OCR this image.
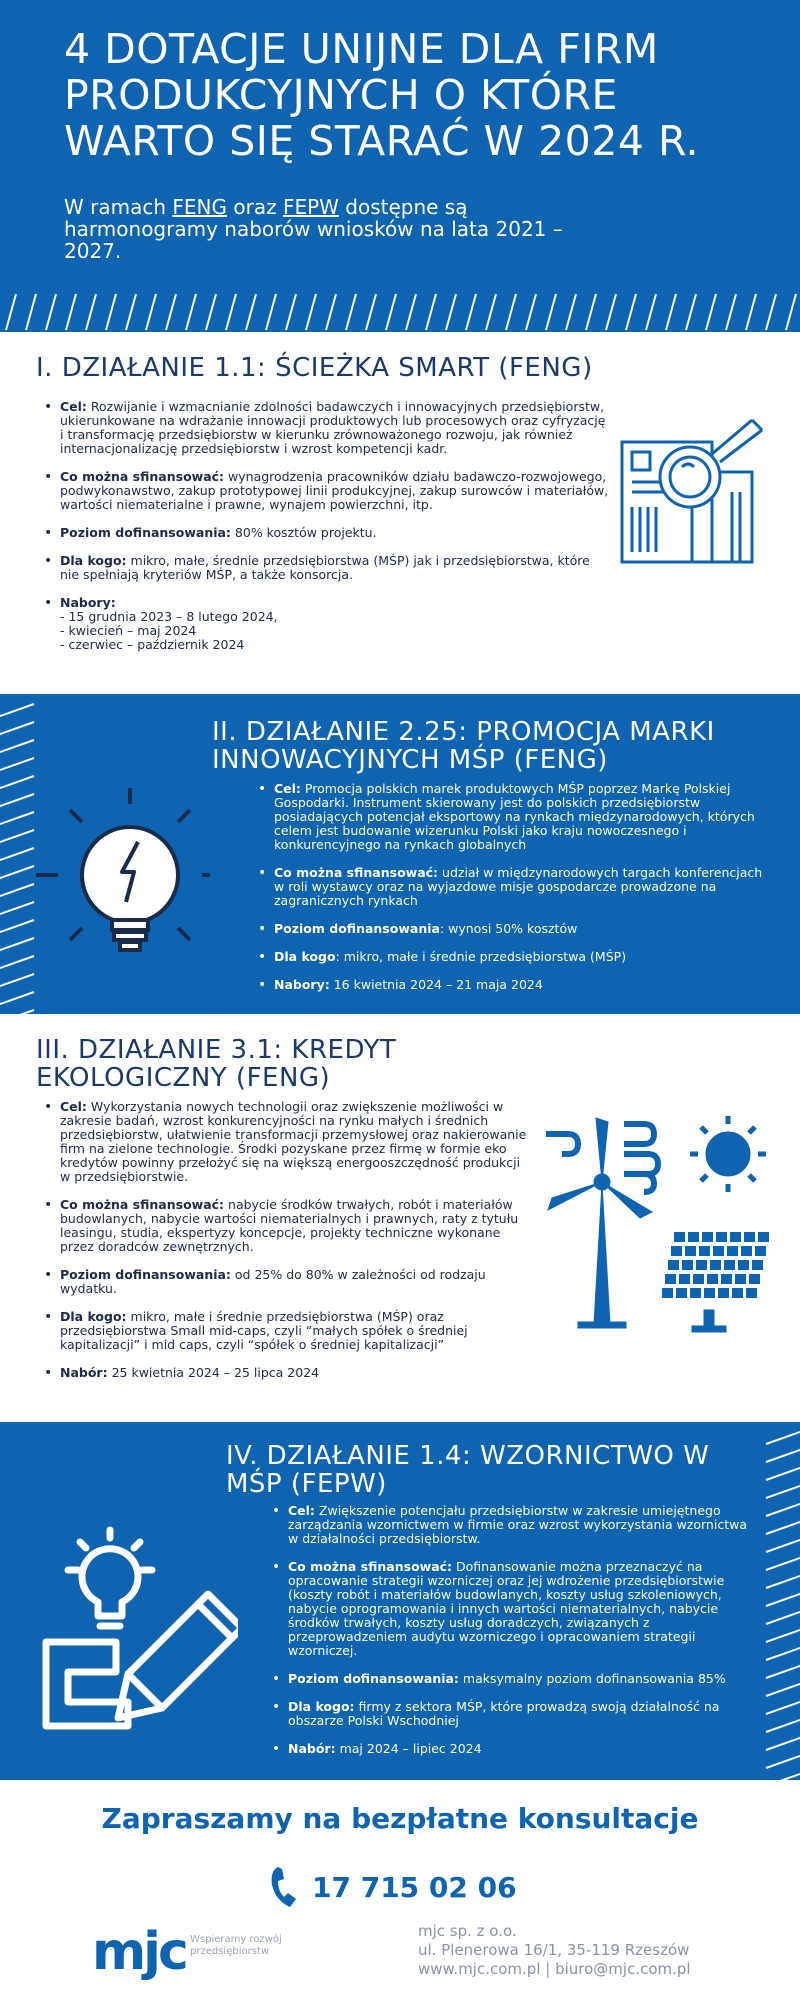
4 DOTACJE UNIJNE DLA FIRM PRODUKCYJNYCH O KTÓRE WARTO SIĘ STARAĆ W 2024 R.

W ramach FENG oraz FEPW dostępne są harmonogramy naborów wniosków na lata 2021 – 2027.

I. DZIAŁANIE 1.1: ŚCIEŻKA SMART (FENG)
• Cel: Rozwijanie i wzmacnianie zdolności badawczych i innowacyjnych przedsiębiorstw, ukierunkowane na wdrażanie innowacji produktowych lub procesowych oraz cyfryzację i transformację przedsiębiorstw w kierunku zrównoważonego rozwoju, jak również internacjonalizację przedsiębiorstw i wzrost kompetencji kadr.
• Co można sfinansować: wynagrodzenia pracowników działu badawczo-rozwojowego, podwykonawstwo, zakup prototypowej linii produkcyjnej, zakup surowców i materiałów, wartości niematerialne i prawne, wynajem powierzchni, itp.
• Poziom dofinansowania: 80% kosztów projektu.
• Dla kogo: mikro, małe, średnie przedsiębiorstwa (MŚP) jak i przedsiębiorstwa, które nie spełniają kryteriów MŚP, a także konsorcja.
• Nabory:
- 15 grudnia 2023 – 8 lutego 2024,
- kwiecień – maj 2024
- czerwiec – październik 2024
II. DZIAŁANIE 2.25: PROMOCJA MARKI INNOWACYJNYCH MŚP (FENG)
• Cel: Promocja polskich marek produktowych MŚP poprzez Markę Polskiej Gospodarki. Instrument skierowany jest do polskich przedsiębiorstw posiadających potencjał eksportowy na rynkach międzynarodowych, których celem jest budowanie wizerunku Polski jako kraju nowoczesnego i konkurencyjnego na rynkach globalnych
• Co można sfinansować: udział w międzynarodowych targach konferencjach w roli wystawcy oraz na wyjazdowe misje gospodarcze prowadzone na zagranicznych rynkach
• Poziom dofinansowania: wynosi 50% kosztów
• Dla kogo: mikro, małe i średnie przedsiębiorstwa (MŚP)
• Nabory: 16 kwietnia 2024 – 21 maja 2024
III. DZIAŁANIE 3.1: KREDYT EKOLOGICZNY (FENG)
• Cel: Wykorzystania nowych technologii oraz zwiększenie możliwości w zakresie badań, wzrost konkurencyjności na rynku małych i średnich przedsiębiorstw, ułatwienie transformacji przemysłowej oraz nakierowanie firm na zielone technologie. Środki pozyskane przez firmę w formie eko kredytów powinny przełożyć się na większą energooszczędność produkcji w przedsiębiorstwie.
• Co można sfinansować: nabycie środków trwałych, robót i materiałów budowlanych, nabycie wartości niematerialnych i prawnych, raty z tytułu leasingu, studia, ekspertyzy koncepcje, projekty techniczne wykonane przez doradców zewnętrznych.
• Poziom dofinansowania: od 25% do 80% w zależności od rodzaju wydatku.
• Dla kogo: mikro, małe i średnie przedsiębiorstwa (MŚP) oraz przedsiębiorstwa Small mid-caps, czyli “małych spółek o średniej kapitalizacji” i mid caps, czyli “spółek o średniej kapitalizacji”
• Nabór: 25 kwietnia 2024 – 25 lipca 2024
IV. DZIAŁANIE 1.4: WZORNICTWO W MŚP (FEPW)
• Cel: Zwiększenie potencjału przedsiębiorstw w zakresie umiejętnego zarządzania wzornictwem w firmie oraz wzrost wykorzystania wzornictwa w działalności przedsiębiorstw.
• Co można sfinansować: Dofinansowanie można przeznaczyć na opracowanie strategii wzorniczej oraz jej wdrożenie przedsiębiorstwie (koszty robót i materiałów budowlanych, koszty usług szkoleniowych, nabycie oprogramowania i innych wartości niematerialnych, nabycie środków trwałych, koszty usług doradczych, związanych z przeprowadzeniem audytu wzorniczego i opracowaniem strategii wzorniczej.
• Poziom dofinansowania: maksymalny poziom dofinansowania 85%
• Dla kogo: firmy z sektora MŚP, które prowadzą swoją działalność na obszarze Polski Wschodniej
• Nabór: maj 2024 – lipiec 2024
Zapraszamy na bezpłatne konsultacje
17 715 02 06
mjc Wspieramy rozwój przedsiębiorstw
mjc sp. z o.o.
ul. Plenerowa 16/1, 35-119 Rzeszów
www.mjc.com.pl | biuro@mjc.com.pl
